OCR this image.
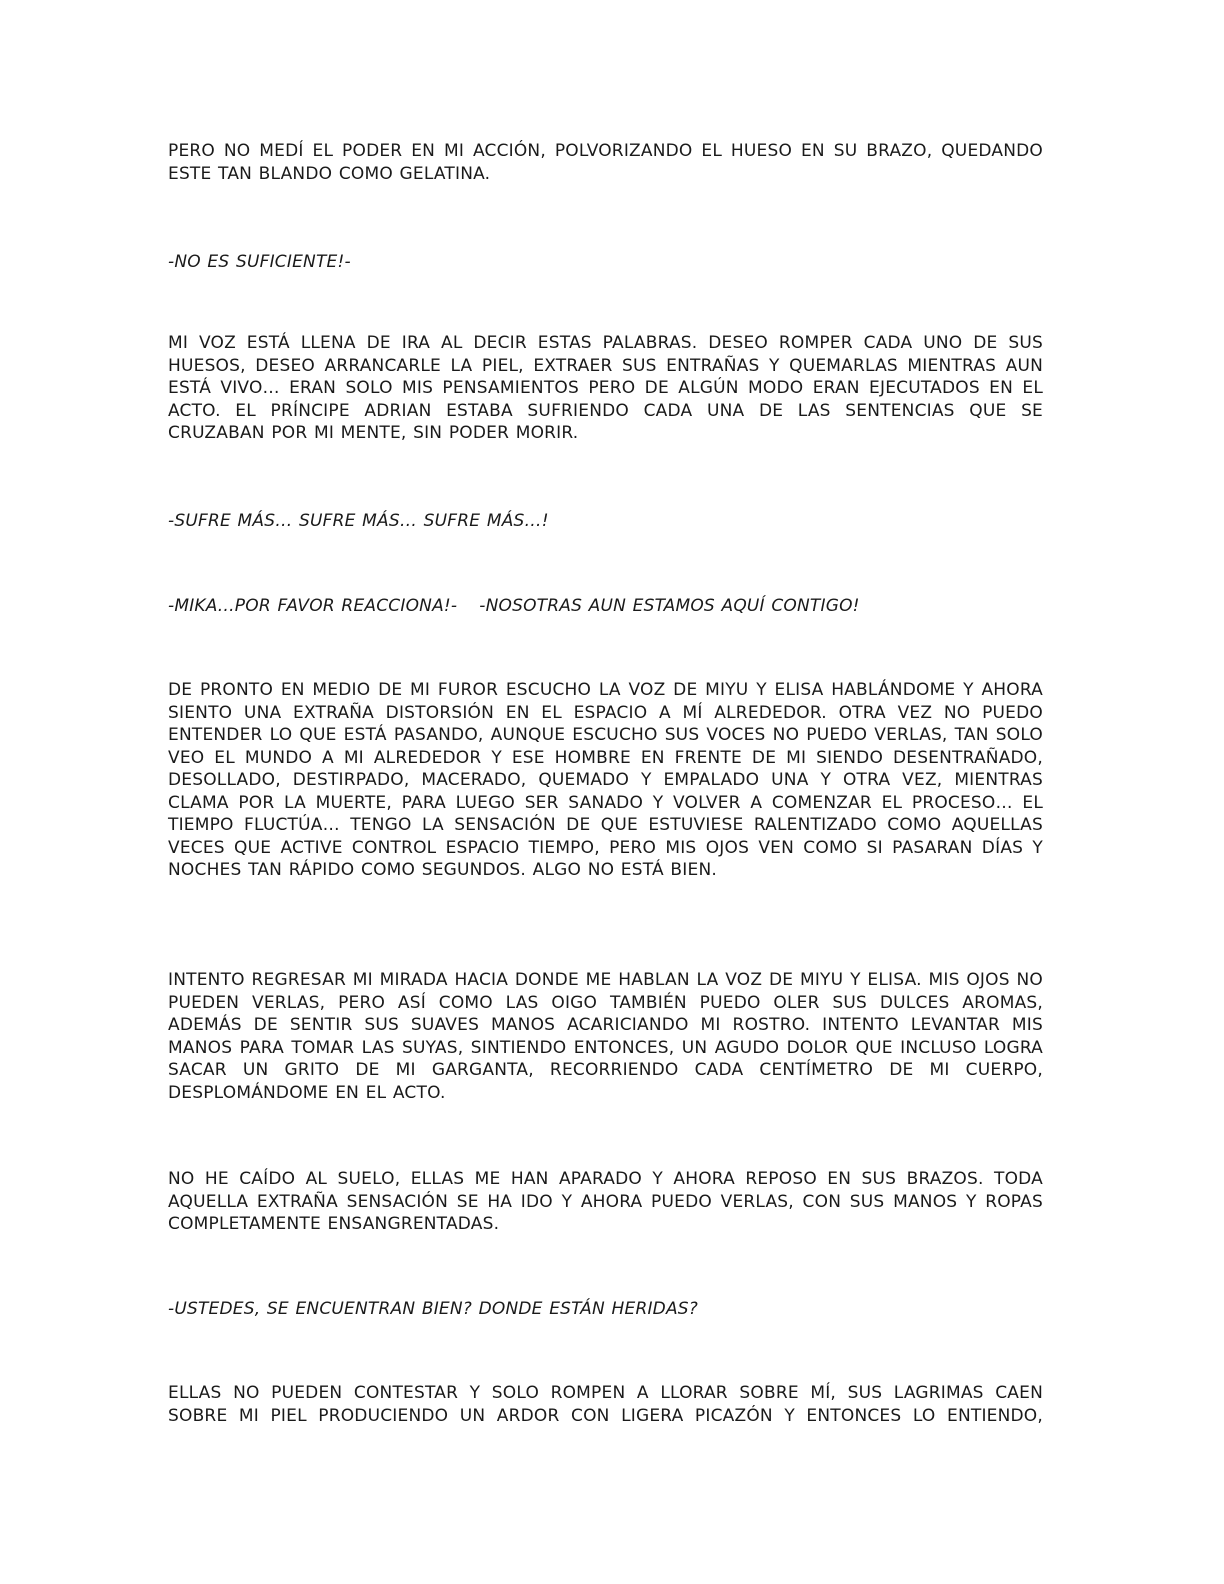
PERO NO MEDÍ EL PODER EN MI ACCIÓN, POLVORIZANDO EL HUESO EN SU BRAZO, QUEDANDO ESTE TAN BLANDO COMO GELATINA.

-NO ES SUFICIENTE!-

MI VOZ ESTÁ LLENA DE IRA AL DECIR ESTAS PALABRAS. DESEO ROMPER CADA UNO DE SUS HUESOS, DESEO ARRANCARLE LA PIEL, EXTRAER SUS ENTRAÑAS Y QUEMARLAS MIENTRAS AUN ESTÁ VIVO… ERAN SOLO MIS PENSAMIENTOS PERO DE ALGÚN MODO ERAN EJECUTADOS EN EL ACTO. EL PRÍNCIPE ADRIAN ESTABA SUFRIENDO CADA UNA DE LAS SENTENCIAS QUE SE CRUZABAN POR MI MENTE, SIN PODER MORIR.

-SUFRE MÁS… SUFRE MÁS… SUFRE MÁS…!

-MIKA…POR FAVOR REACCIONA!- -NOSOTRAS AUN ESTAMOS AQUÍ CONTIGO!

DE PRONTO EN MEDIO DE MI FUROR ESCUCHO LA VOZ DE MIYU Y ELISA HABLÁNDOME Y AHORA SIENTO UNA EXTRAÑA DISTORSIÓN EN EL ESPACIO A MÍ ALREDEDOR. OTRA VEZ NO PUEDO ENTENDER LO QUE ESTÁ PASANDO, AUNQUE ESCUCHO SUS VOCES NO PUEDO VERLAS, TAN SOLO VEO EL MUNDO A MI ALREDEDOR Y ESE HOMBRE EN FRENTE DE MI SIENDO DESENTRAÑADO, DESOLLADO, DESTIRPADO, MACERADO, QUEMADO Y EMPALADO UNA Y OTRA VEZ, MIENTRAS CLAMA POR LA MUERTE, PARA LUEGO SER SANADO Y VOLVER A COMENZAR EL PROCESO… EL TIEMPO FLUCTÚA… TENGO LA SENSACIÓN DE QUE ESTUVIESE RALENTIZADO COMO AQUELLAS VECES QUE ACTIVE CONTROL ESPACIO TIEMPO, PERO MIS OJOS VEN COMO SI PASARAN DÍAS Y NOCHES TAN RÁPIDO COMO SEGUNDOS. ALGO NO ESTÁ BIEN.

INTENTO REGRESAR MI MIRADA HACIA DONDE ME HABLAN LA VOZ DE MIYU Y ELISA. MIS OJOS NO PUEDEN VERLAS, PERO ASÍ COMO LAS OIGO TAMBIÉN PUEDO OLER SUS DULCES AROMAS, ADEMÁS DE SENTIR SUS SUAVES MANOS ACARICIANDO MI ROSTRO. INTENTO LEVANTAR MIS MANOS PARA TOMAR LAS SUYAS, SINTIENDO ENTONCES, UN AGUDO DOLOR QUE INCLUSO LOGRA SACAR UN GRITO DE MI GARGANTA, RECORRIENDO CADA CENTÍMETRO DE MI CUERPO, DESPLOMÁNDOME EN EL ACTO.

NO HE CAÍDO AL SUELO, ELLAS ME HAN APARADO Y AHORA REPOSO EN SUS BRAZOS. TODA AQUELLA EXTRAÑA SENSACIÓN SE HA IDO Y AHORA PUEDO VERLAS, CON SUS MANOS Y ROPAS COMPLETAMENTE ENSANGRENTADAS.

-USTEDES, SE ENCUENTRAN BIEN? DONDE ESTÁN HERIDAS?

ELLAS NO PUEDEN CONTESTAR Y SOLO ROMPEN A LLORAR SOBRE MÍ, SUS LAGRIMAS CAEN SOBRE MI PIEL PRODUCIENDO UN ARDOR CON LIGERA PICAZÓN Y ENTONCES LO ENTIENDO,
